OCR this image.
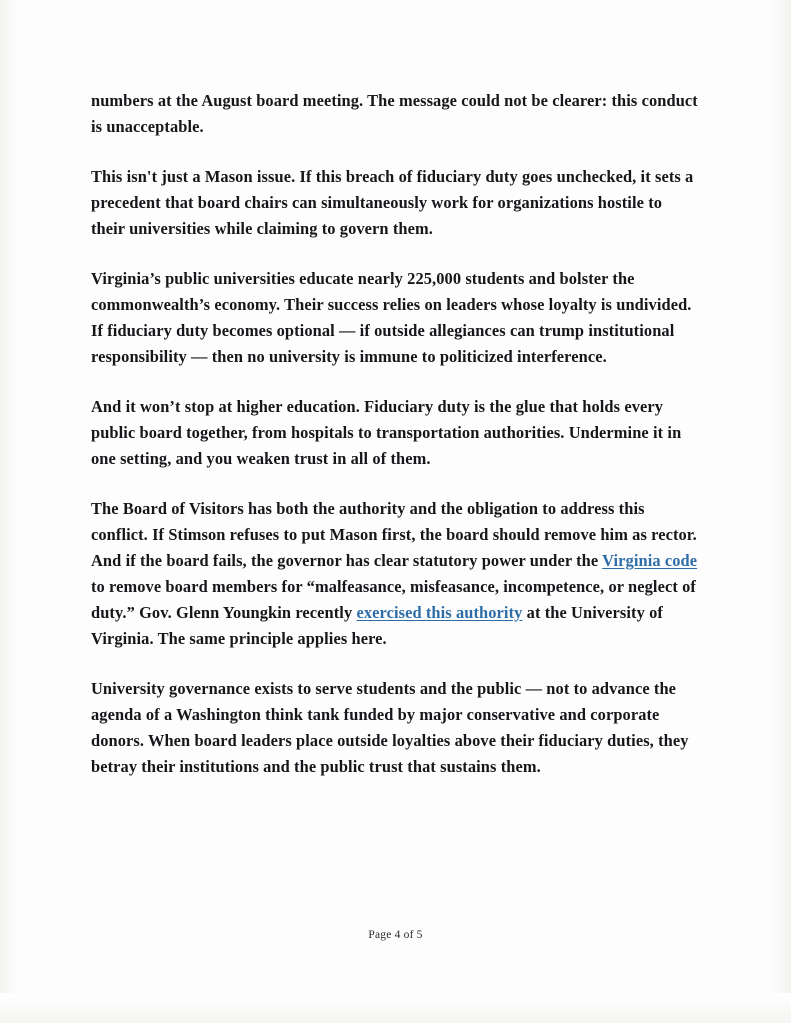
numbers at the August board meeting. The message could not be clearer: this conduct is unacceptable.

This isn't just a Mason issue. If this breach of fiduciary duty goes unchecked, it sets a precedent that board chairs can simultaneously work for organizations hostile to their universities while claiming to govern them.

Virginia’s public universities educate nearly 225,000 students and bolster the commonwealth’s economy. Their success relies on leaders whose loyalty is undivided. If fiduciary duty becomes optional — if outside allegiances can trump institutional responsibility — then no university is immune to politicized interference.

And it won’t stop at higher education. Fiduciary duty is the glue that holds every public board together, from hospitals to transportation authorities. Undermine it in one setting, and you weaken trust in all of them.

The Board of Visitors has both the authority and the obligation to address this conflict. If Stimson refuses to put Mason first, the board should remove him as rector. And if the board fails, the governor has clear statutory power under the Virginia code to remove board members for “malfeasance, misfeasance, incompetence, or neglect of duty.” Gov. Glenn Youngkin recently exercised this authority at the University of Virginia. The same principle applies here.

University governance exists to serve students and the public — not to advance the agenda of a Washington think tank funded by major conservative and corporate donors. When board leaders place outside loyalties above their fiduciary duties, they betray their institutions and the public trust that sustains them.

Page 4 of 5
